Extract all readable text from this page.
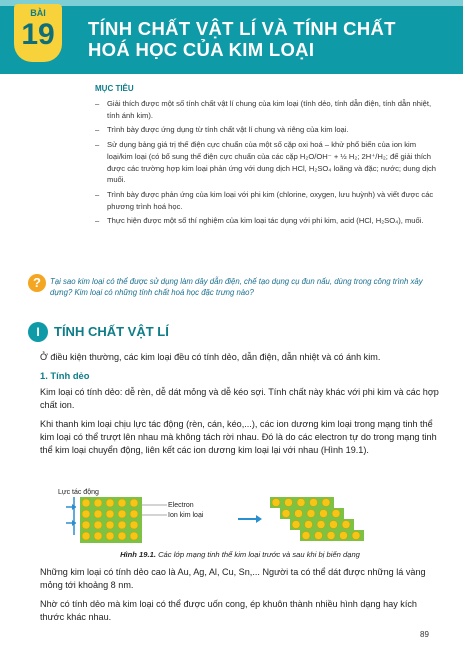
BÀI
19	TÍNH CHẤT VẬT LÍ VÀ TÍNH CHẤT
HOÁ HỌC CỦA KIM LOẠI
MỤC TIÊU
– Giải thích được một số tính chất vật lí chung của kim loại (tính dẻo, tính dẫn điện, tính dẫn nhiệt, tính ánh kim).
– Trình bày được ứng dụng từ tính chất vật lí chung và riêng của kim loại.
– Sử dụng bảng giá trị thế điện cực chuẩn của một số cặp oxi hoá – khử phổ biến của ion kim loại/kim loại (có bổ sung thế điện cực chuẩn của các cặp H₂O/OH⁻ + ½ H₂; 2H⁺/H₂; để giải thích được các trường hợp kim loại phản ứng với dung dịch HCl, H₂SO₄ loãng và đặc; nước; dung dịch muối.
– Trình bày được phản ứng của kim loại với phi kim (chlorine, oxygen, lưu huỳnh) và viết được các phương trình hoá học.
– Thực hiện được một số thí nghiệm của kim loại tác dụng với phi kim, acid (HCl, H₂SO₄), muối.
?	Tại sao kim loại có thể được sử dụng làm dây dẫn điện, chế tạo dụng cụ đun nấu, dùng trong công trình xây dựng? Kim loại có những tính chất hoá học đặc trưng nào?
I	TÍNH CHẤT VẬT LÍ

Ở điều kiện thường, các kim loại đều có tính dẻo, dẫn điện, dẫn nhiệt và có ánh kim.

1. Tính dẻo

Kim loại có tính dẻo: dễ rèn, dễ dát mỏng và dễ kéo sợi. Tính chất này khác với phi kim và các hợp chất ion.

Khi thanh kim loại chịu lực tác động (rèn, cán, kéo,...), các ion dương kim loại trong mạng tinh thể kim loại có thể trượt lên nhau mà không tách rời nhau. Đó là do các electron tự do trong mạng tinh thể kim loại chuyển động, liên kết các ion dương kim loại lại với nhau (Hình 19.1).

Lực tác động
Electron
Ion kim loại
Hình 19.1. Các lớp mạng tinh thể kim loại trước và sau khi bị biến dạng

Những kim loại có tính dẻo cao là Au, Ag, Al, Cu, Sn,... Người ta có thể dát được những lá vàng mỏng tới khoảng 8 nm.

Nhờ có tính dẻo mà kim loại có thể được uốn cong, ép khuôn thành nhiều hình dạng hay kích thước khác nhau.

89
